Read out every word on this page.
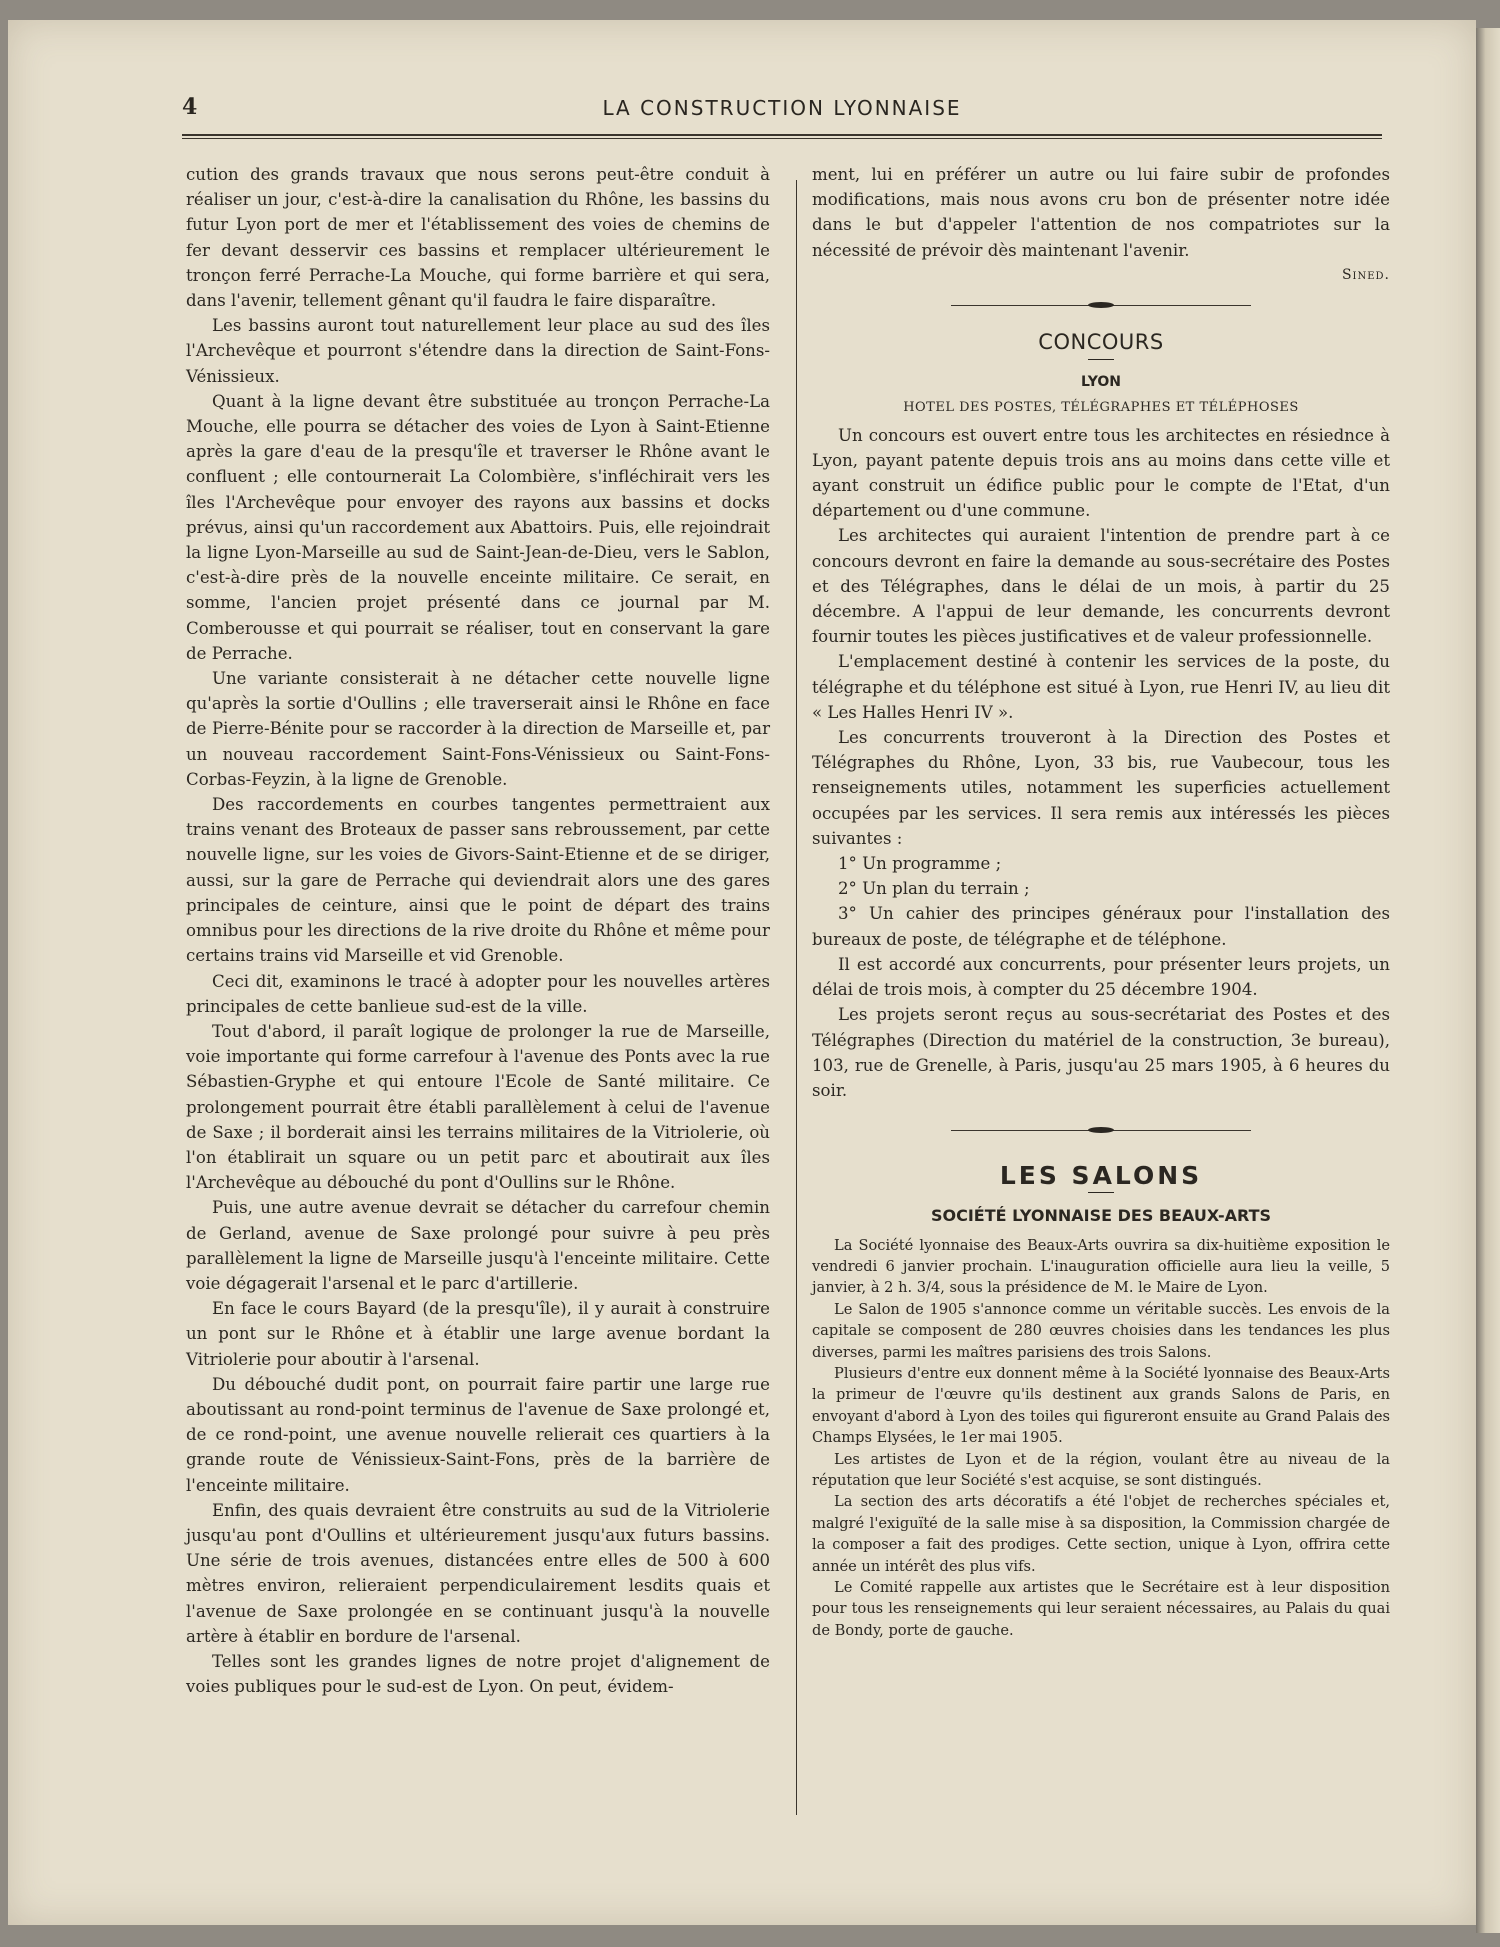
4	LA CONSTRUCTION LYONNAISE

cution des grands travaux que nous serons peut-être conduit à réaliser un jour, c'est-à-dire la canalisation du Rhône, les bassins du futur Lyon port de mer et l'établissement des voies de chemins de fer devant desservir ces bassins et remplacer ultérieurement le tronçon ferré Perrache-La Mouche, qui forme barrière et qui sera, dans l'avenir, tellement gênant qu'il faudra le faire disparaître.

Les bassins auront tout naturellement leur place au sud des îles l'Archevêque et pourront s'étendre dans la direction de Saint-Fons-Vénissieux.

Quant à la ligne devant être substituée au tronçon Perrache-La Mouche, elle pourra se détacher des voies de Lyon à Saint-Etienne après la gare d'eau de la presqu'île et traverser le Rhône avant le confluent ; elle contournerait La Colombière, s'infléchirait vers les îles l'Archevêque pour envoyer des rayons aux bassins et docks prévus, ainsi qu'un raccordement aux Abattoirs. Puis, elle rejoindrait la ligne Lyon-Marseille au sud de Saint-Jean-de-Dieu, vers le Sablon, c'est-à-dire près de la nouvelle enceinte militaire. Ce serait, en somme, l'ancien projet présenté dans ce journal par M. Comberousse et qui pourrait se réaliser, tout en conservant la gare de Perrache.

Une variante consisterait à ne détacher cette nouvelle ligne qu'après la sortie d'Oullins ; elle traverserait ainsi le Rhône en face de Pierre-Bénite pour se raccorder à la direction de Marseille et, par un nouveau raccordement Saint-Fons-Vénissieux ou Saint-Fons-Corbas-Feyzin, à la ligne de Grenoble.

Des raccordements en courbes tangentes permettraient aux trains venant des Broteaux de passer sans rebroussement, par cette nouvelle ligne, sur les voies de Givors-Saint-Etienne et de se diriger, aussi, sur la gare de Perrache qui deviendrait alors une des gares principales de ceinture, ainsi que le point de départ des trains omnibus pour les directions de la rive droite du Rhône et même pour certains trains vid Marseille et vid Grenoble.

Ceci dit, examinons le tracé à adopter pour les nouvelles artères principales de cette banlieue sud-est de la ville.

Tout d'abord, il paraît logique de prolonger la rue de Marseille, voie importante qui forme carrefour à l'avenue des Ponts avec la rue Sébastien-Gryphe et qui entoure l'Ecole de Santé militaire. Ce prolongement pourrait être établi parallèlement à celui de l'avenue de Saxe ; il borderait ainsi les terrains militaires de la Vitriolerie, où l'on établirait un square ou un petit parc et aboutirait aux îles l'Archevêque au débouché du pont d'Oullins sur le Rhône.

Puis, une autre avenue devrait se détacher du carrefour chemin de Gerland, avenue de Saxe prolongé pour suivre à peu près parallèlement la ligne de Marseille jusqu'à l'enceinte militaire. Cette voie dégagerait l'arsenal et le parc d'artillerie.

En face le cours Bayard (de la presqu'île), il y aurait à construire un pont sur le Rhône et à établir une large avenue bordant la Vitriolerie pour aboutir à l'arsenal.

Du débouché dudit pont, on pourrait faire partir une large rue aboutissant au rond-point terminus de l'avenue de Saxe prolongé et, de ce rond-point, une avenue nouvelle relierait ces quartiers à la grande route de Vénissieux-Saint-Fons, près de la barrière de l'enceinte militaire.

Enfin, des quais devraient être construits au sud de la Vitriolerie jusqu'au pont d'Oullins et ultérieurement jusqu'aux futurs bassins. Une série de trois avenues, distancées entre elles de 500 à 600 mètres environ, relieraient perpendiculairement lesdits quais et l'avenue de Saxe prolongée en se continuant jusqu'à la nouvelle artère à établir en bordure de l'arsenal.

Telles sont les grandes lignes de notre projet d'alignement de voies publiques pour le sud-est de Lyon. On peut, évidem-

ment, lui en préférer un autre ou lui faire subir de profondes modifications, mais nous avons cru bon de présenter notre idée dans le but d'appeler l'attention de nos compatriotes sur la nécessité de prévoir dès maintenant l'avenir.

Sined.

CONCOURS
LYON
HOTEL DES POSTES, TÉLÉGRAPHES ET TÉLÉPHOSES

Un concours est ouvert entre tous les architectes en résiednce à Lyon, payant patente depuis trois ans au moins dans cette ville et ayant construit un édifice public pour le compte de l'Etat, d'un département ou d'une commune.

Les architectes qui auraient l'intention de prendre part à ce concours devront en faire la demande au sous-secrétaire des Postes et des Télégraphes, dans le délai de un mois, à partir du 25 décembre. A l'appui de leur demande, les concurrents devront fournir toutes les pièces justificatives et de valeur professionnelle.

L'emplacement destiné à contenir les services de la poste, du télégraphe et du téléphone est situé à Lyon, rue Henri IV, au lieu dit « Les Halles Henri IV ».

Les concurrents trouveront à la Direction des Postes et Télégraphes du Rhône, Lyon, 33 bis, rue Vaubecour, tous les renseignements utiles, notamment les superficies actuellement occupées par les services. Il sera remis aux intéressés les pièces suivantes :

1° Un programme ;

2° Un plan du terrain ;

3° Un cahier des principes généraux pour l'installation des bureaux de poste, de télégraphe et de téléphone.

Il est accordé aux concurrents, pour présenter leurs projets, un délai de trois mois, à compter du 25 décembre 1904.

Les projets seront reçus au sous-secrétariat des Postes et des Télégraphes (Direction du matériel de la construction, 3e bureau), 103, rue de Grenelle, à Paris, jusqu'au 25 mars 1905, à 6 heures du soir.

LES SALONS
SOCIÉTÉ LYONNAISE DES BEAUX-ARTS

La Société lyonnaise des Beaux-Arts ouvrira sa dix-huitième exposition le vendredi 6 janvier prochain. L'inauguration officielle aura lieu la veille, 5 janvier, à 2 h. 3/4, sous la présidence de M. le Maire de Lyon.

Le Salon de 1905 s'annonce comme un véritable succès. Les envois de la capitale se composent de 280 œuvres choisies dans les tendances les plus diverses, parmi les maîtres parisiens des trois Salons.

Plusieurs d'entre eux donnent même à la Société lyonnaise des Beaux-Arts la primeur de l'œuvre qu'ils destinent aux grands Salons de Paris, en envoyant d'abord à Lyon des toiles qui figureront ensuite au Grand Palais des Champs Elysées, le 1er mai 1905.

Les artistes de Lyon et de la région, voulant être au niveau de la réputation que leur Société s'est acquise, se sont distingués.

La section des arts décoratifs a été l'objet de recherches spéciales et, malgré l'exiguïté de la salle mise à sa disposition, la Commission chargée de la composer a fait des prodiges. Cette section, unique à Lyon, offrira cette année un intérêt des plus vifs.

Le Comité rappelle aux artistes que le Secrétaire est à leur disposition pour tous les renseignements qui leur seraient nécessaires, au Palais du quai de Bondy, porte de gauche.
